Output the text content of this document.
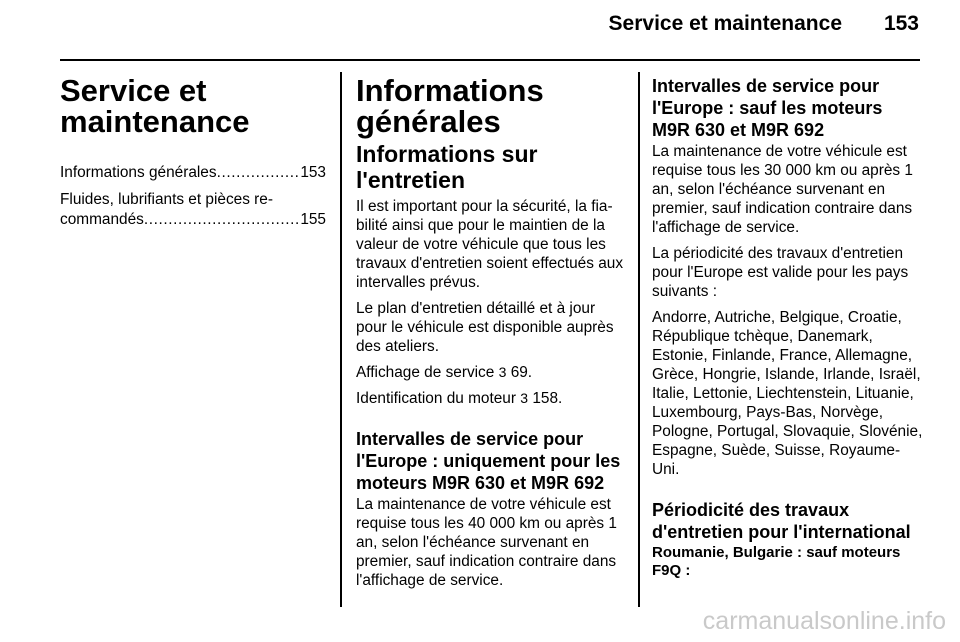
Service et maintenance 153
Service et maintenance
Informations générales .....	153
Fluides, lubrifiants et pièces re-
commandés .....	155
Informations générales
Informations sur l'entretien

Il est important pour la sécurité, la fiabilité ainsi que pour le maintien de la valeur de votre véhicule que tous les travaux d'entretien soient effectués aux intervalles prévus.

Le plan d'entretien détaillé et à jour pour le véhicule est disponible auprès des ateliers.

Affichage de service 3 69.

Identification du moteur 3 158.

Intervalles de service pour l'Europe : uniquement pour les moteurs M9R 630 et M9R 692

La maintenance de votre véhicule est requise tous les 40 000 km ou après 1 an, selon l'échéance survenant en premier, sauf indication contraire dans l'affichage de service.

Intervalles de service pour l'Europe : sauf les moteurs M9R 630 et M9R 692

La maintenance de votre véhicule est requise tous les 30 000 km ou après 1 an, selon l'échéance survenant en premier, sauf indication contraire dans l'affichage de service.

La périodicité des travaux d'entretien pour l'Europe est valide pour les pays suivants :

Andorre, Autriche, Belgique, Croatie, République tchèque, Danemark, Estonie, Finlande, France, Allemagne, Grèce, Hongrie, Islande, Irlande, Israël, Italie, Lettonie, Liechtenstein, Lituanie, Luxembourg, Pays-Bas, Norvège, Pologne, Portugal, Slovaquie, Slovénie, Espagne, Suède, Suisse, Royaume-Uni.

Périodicité des travaux d'entretien pour l'international
Roumanie, Bulgarie : sauf moteurs F9Q :
carmanualsonline.info
